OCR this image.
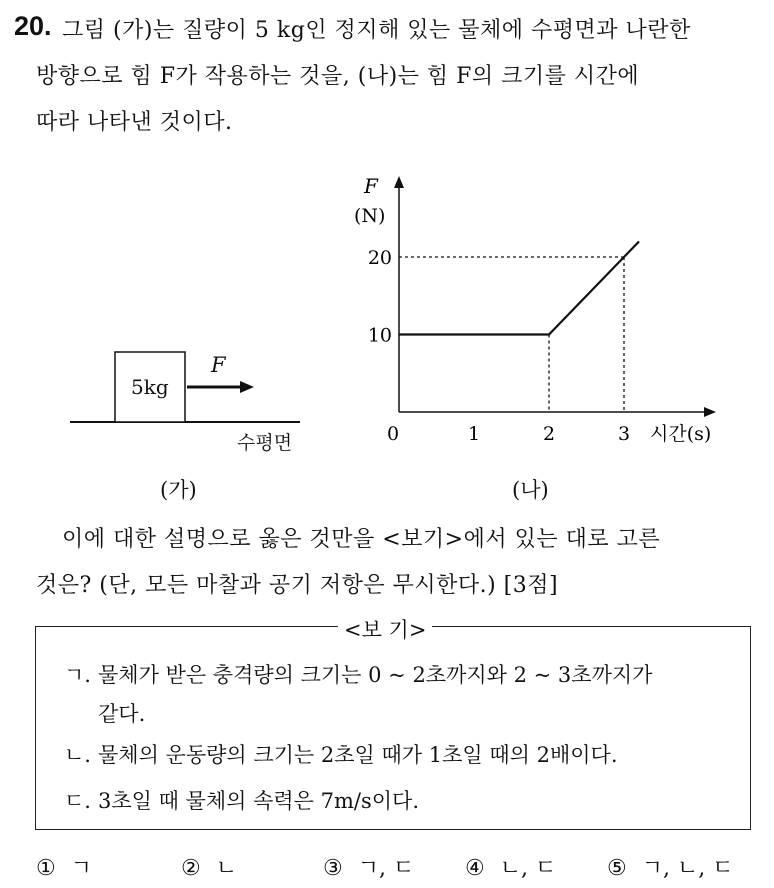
20. 그림 (가)는 질량이 5 kg인 정지해 있는 물체에 수평면과 나란한
방향으로 힘 F가 작용하는 것을, (나)는 힘 F의 크기를 시간에
따라 나타낸 것이다.
5kg
F
수평면
(가)
F
(N)
시간(s)
0	1	2	3
10
20
(나)
이에 대한 설명으로 옳은 것만을 <보기>에서 있는 대로 고른
것은? (단, 모든 마찰과 공기 저항은 무시한다.) [3점]
<보 기>
ㄱ. 물체가 받은 충격량의 크기는 0 ~ 2초까지와 2 ~ 3초까지가
같다.
ㄴ. 물체의 운동량의 크기는 2초일 때가 1초일 때의 2배이다.
ㄷ. 3초일 때 물체의 속력은 7m/s이다.
① ㄱ	② ㄴ	③ ㄱ, ㄷ ④ ㄴ, ㄷ ⑤ ㄱ, ㄴ, ㄷ
